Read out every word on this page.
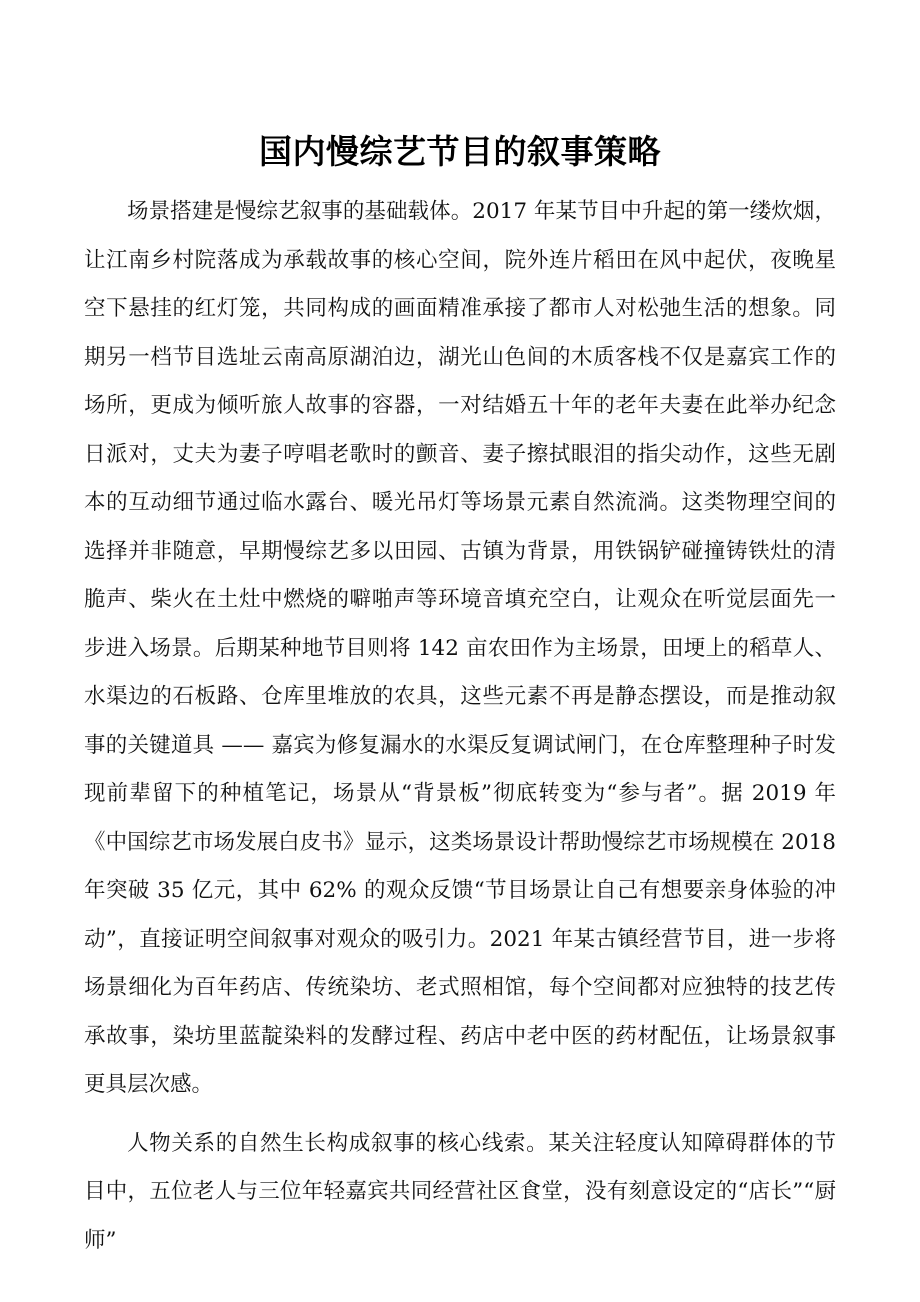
国内慢综艺节目的叙事策略

场景搭建是慢综艺叙事的基础载体。2017 年某节目中升起的第一缕炊烟，让江南乡村院落成为承载故事的核心空间，院外连片稻田在风中起伏，夜晚星空下悬挂的红灯笼，共同构成的画面精准承接了都市人对松弛生活的想象。同期另一档节目选址云南高原湖泊边，湖光山色间的木质客栈不仅是嘉宾工作的场所，更成为倾听旅人故事的容器，一对结婚五十年的老年夫妻在此举办纪念日派对，丈夫为妻子哼唱老歌时的颤音、妻子擦拭眼泪的指尖动作，这些无剧本的互动细节通过临水露台、暖光吊灯等场景元素自然流淌。这类物理空间的选择并非随意，早期慢综艺多以田园、古镇为背景，用铁锅铲碰撞铸铁灶的清脆声、柴火在土灶中燃烧的噼啪声等环境音填充空白，让观众在听觉层面先一步进入场景。后期某种地节目则将 142 亩农田作为主场景，田埂上的稻草人、水渠边的石板路、仓库里堆放的农具，这些元素不再是静态摆设，而是推动叙事的关键道具 —— 嘉宾为修复漏水的水渠反复调试闸门，在仓库整理种子时发现前辈留下的种植笔记，场景从“背景板”彻底转变为“参与者”。据 2019 年《中国综艺市场发展白皮书》显示，这类场景设计帮助慢综艺市场规模在 2018 年突破 35 亿元，其中 62% 的观众反馈“节目场景让自己有想要亲身体验的冲动”，直接证明空间叙事对观众的吸引力。2021 年某古镇经营节目，进一步将场景细化为百年药店、传统染坊、老式照相馆，每个空间都对应独特的技艺传承故事，染坊里蓝靛染料的发酵过程、药店中老中医的药材配伍，让场景叙事更具层次感。

人物关系的自然生长构成叙事的核心线索。某关注轻度认知障碍群体的节目中，五位老人与三位年轻嘉宾共同经营社区食堂，没有刻意设定的“店长”“厨师”
